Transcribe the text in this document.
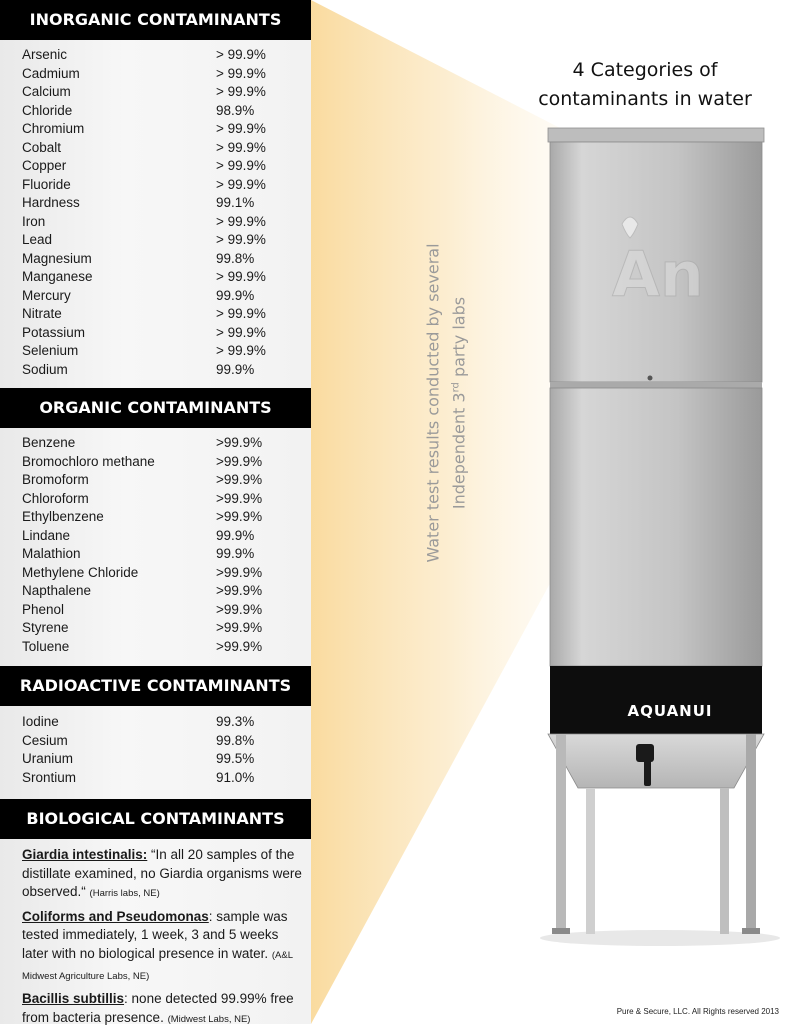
INORGANIC CONTAMINANTS
Arsenic	> 99.9%
Cadmium	> 99.9%
Calcium	> 99.9%
Chloride	98.9%
Chromium	> 99.9%
Cobalt	> 99.9%
Copper	> 99.9%
Fluoride	> 99.9%
Hardness	99.1%
Iron	> 99.9%
Lead	> 99.9%
Magnesium	99.8%
Manganese	> 99.9%
Mercury	99.9%
Nitrate	> 99.9%
Potassium	> 99.9%
Selenium	> 99.9%
Sodium	99.9%
ORGANIC CONTAMINANTS
Benzene	>99.9%
Bromochloro methane	>99.9%
Bromoform	>99.9%
Chloroform	>99.9%
Ethylbenzene	>99.9%
Lindane	99.9%
Malathion	99.9%
Methylene Chloride	>99.9%
Napthalene	>99.9%
Phenol	>99.9%
Styrene	>99.9%
Toluene	>99.9%
RADIOACTIVE CONTAMINANTS
Iodine	99.3%
Cesium	99.8%
Uranium	99.5%
Srontium	91.0%
BIOLOGICAL CONTAMINANTS

Giardia intestinalis: “In all 20 samples of the distillate examined, no Giardia organisms were observed.“ (Harris labs, NE)

Coliforms and Pseudomonas: sample was tested immediately, 1 week, 3 and 5 weeks later with no biological presence in water. (A&L Midwest Agriculture Labs, NE)

Bacillis subtillis: none detected 99.99% free from bacteria presence. (Midwest Labs, NE)

4 Categories of contaminants in water
Water test results conducted by several Independent 3rd party labs
An
AQUANUI
Pure & Secure, LLC. All Rights reserved 2013
